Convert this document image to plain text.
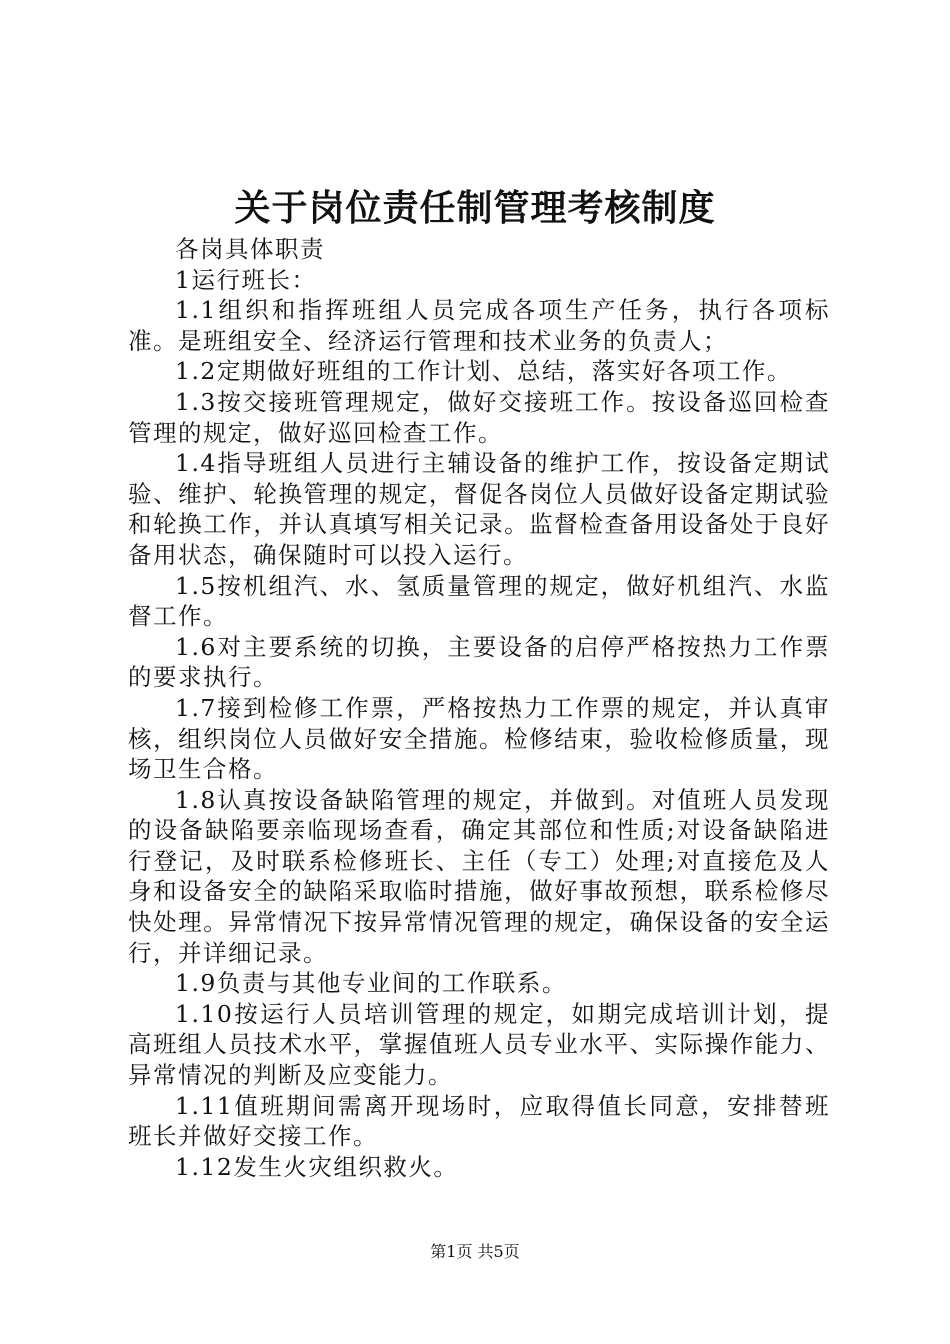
关于岗位责任制管理考核制度

各岗具体职责

1运行班长：

1.1组织和指挥班组人员完成各项生产任务，执行各项标准。是班组安全、经济运行管理和技术业务的负责人；

1.2定期做好班组的工作计划、总结，落实好各项工作。

1.3按交接班管理规定，做好交接班工作。按设备巡回检查管理的规定，做好巡回检查工作。

1.4指导班组人员进行主辅设备的维护工作，按设备定期试验、维护、轮换管理的规定，督促各岗位人员做好设备定期试验和轮换工作，并认真填写相关记录。监督检查备用设备处于良好备用状态，确保随时可以投入运行。

1.5按机组汽、水、氢质量管理的规定，做好机组汽、水监督工作。

1.6对主要系统的切换，主要设备的启停严格按热力工作票的要求执行。

1.7接到检修工作票，严格按热力工作票的规定，并认真审核，组织岗位人员做好安全措施。检修结束，验收检修质量，现场卫生合格。

1.8认真按设备缺陷管理的规定，并做到。对值班人员发现的设备缺陷要亲临现场查看，确定其部位和性质;对设备缺陷进行登记，及时联系检修班长、主任（专工）处理;对直接危及人身和设备安全的缺陷采取临时措施，做好事故预想，联系检修尽快处理。异常情况下按异常情况管理的规定，确保设备的安全运行，并详细记录。

1.9负责与其他专业间的工作联系。

1.10按运行人员培训管理的规定，如期完成培训计划，提高班组人员技术水平，掌握值班人员专业水平、实际操作能力、异常情况的判断及应变能力。

1.11值班期间需离开现场时，应取得值长同意，安排替班班长并做好交接工作。

1.12发生火灾组织救火。

第1页 共5页
